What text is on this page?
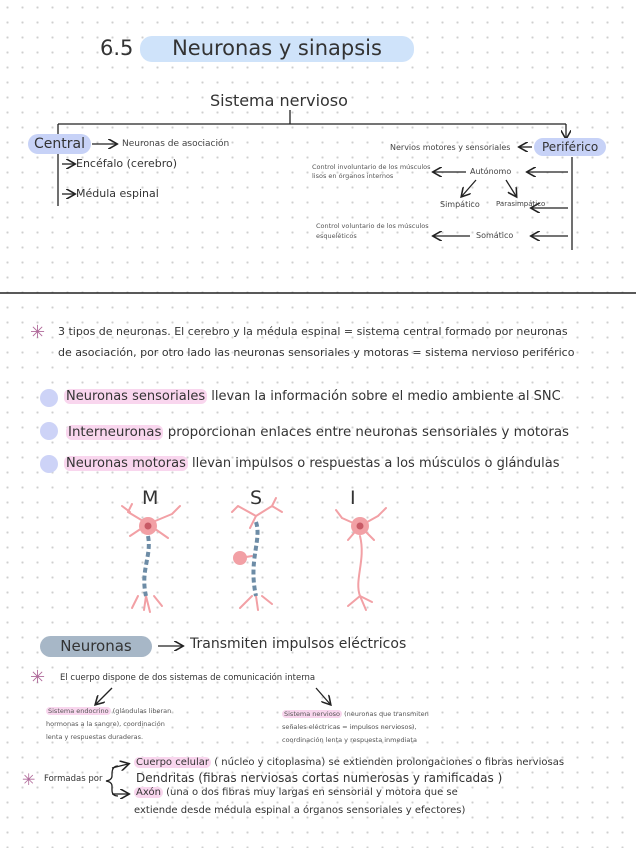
6.5	Neuronas y sinapsis
Sistema nervioso
Central	Neuronas de asociación
Encéfalo (cerebro)
Médula espinal
Periférico
Nervios motores y sensoriales
Autónomo
Control involuntario de los músculos
lisos en órganos internos
Simpático Parasimpático
Somático
Control voluntario de los músculos
esqueléticos
✳ 3 tipos de neuronas. El cerebro y la médula espinal = sistema central formado por neuronas
de asociación, por otro lado las neuronas sensoriales y motoras = sistema nervioso periférico
Neuronas sensoriales llevan la información sobre el medio ambiente al SNC
Interneuronas proporcionan enlaces entre neuronas sensoriales y motoras
Neuronas motoras llevan impulsos o respuestas a los músculos o glándulas
M	S	I
Neuronas	Transmiten impulsos eléctricos
✳ El cuerpo dispone de dos sistemas de comunicación interna
Sistema endocrino (glándulas liberan
hormonas a la sangre), coordinación
lenta y respuestas duraderas.
Sistema nervioso (neuronas que transmiten
señales eléctricas = impulsos nerviosos),
coordinación lenta y respuesta inmediata
✳ Formadas por
Cuerpo celular ( núcleo y citoplasma) se extienden prolongaciones o fibras nerviosas
Dendritas (fibras nerviosas cortas numerosas y ramificadas )
Axón (una o dos fibras muy largas en sensorial y motora que se
extiende desde médula espinal a órganos sensoriales y efectores)
